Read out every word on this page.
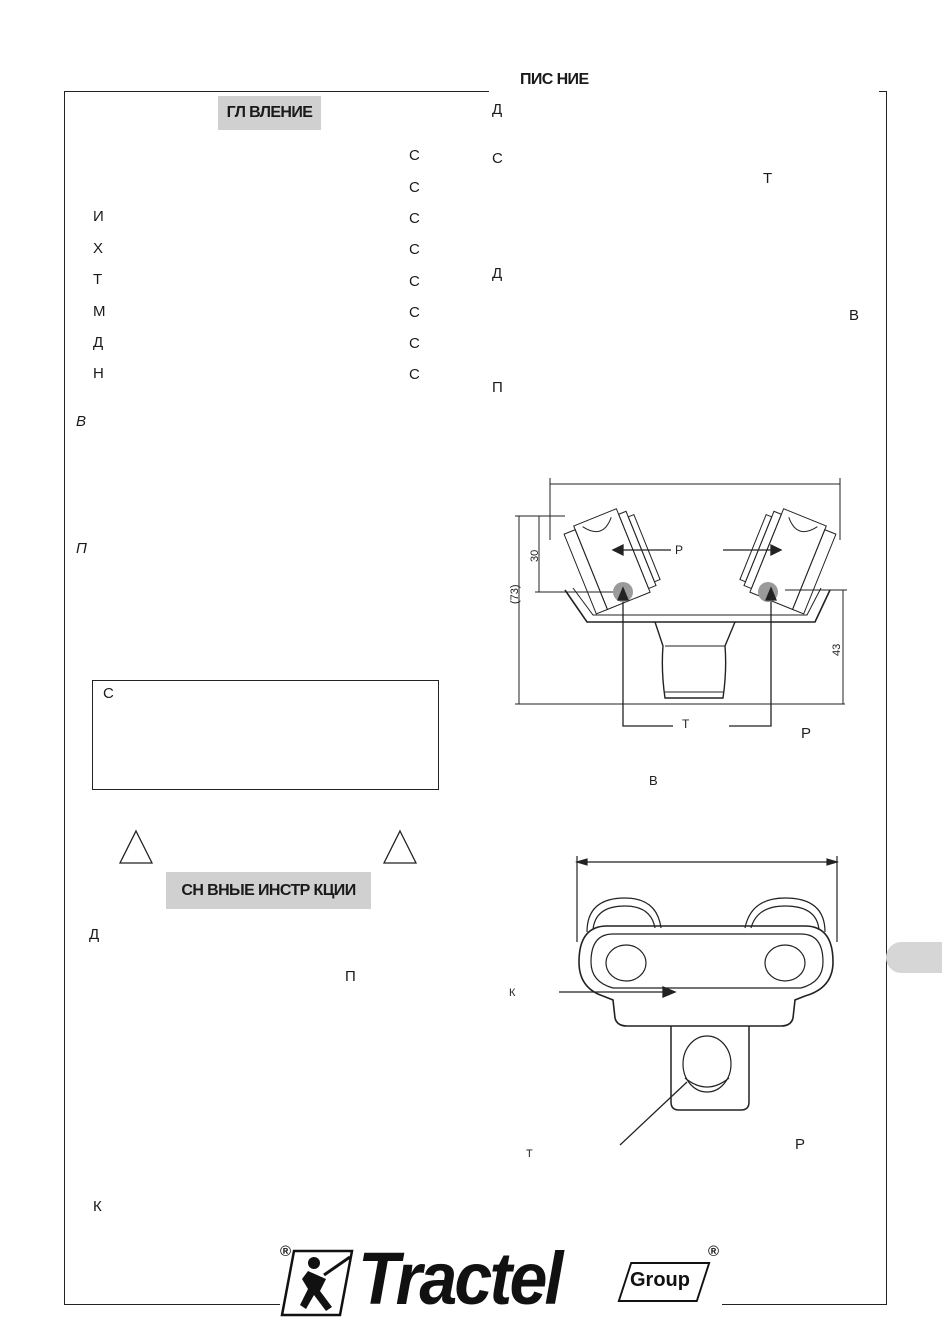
ГЛ ВЛЕНИЕ
И
Х
Т
М
Д
Н
С
С
С
С
С
С
С
С
В
П
С
СН ВНЫЕ ИНСТР КЦИИ
Д
П
К
ПИС НИЕ
Д
С
Т
Д
В
П
30
(73)
43
Р
Т
Р
В
К
Т
Р
® Tractel	Group
®
